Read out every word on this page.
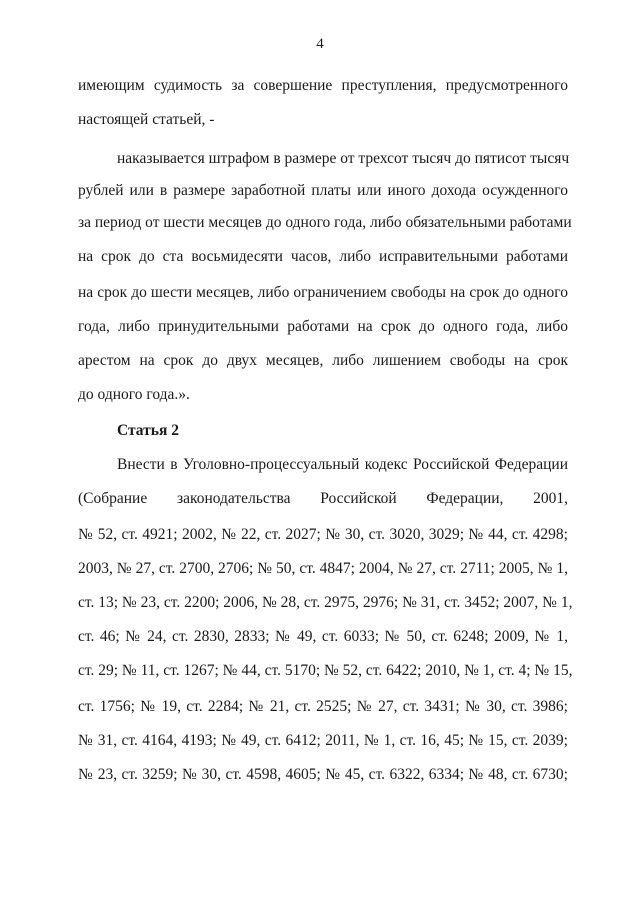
4
имеющим судимость за совершение преступления, предусмотренного
настоящей статьей, -
наказывается штрафом в размере от трехсот тысяч до пятисот тысяч
рублей или в размере заработной платы или иного дохода осужденного
за период от шести месяцев до одного года, либо обязательными работами
на срок до ста восьмидесяти часов, либо исправительными работами
на срок до шести месяцев, либо ограничением свободы на срок до одного
года, либо принудительными работами на срок до одного года, либо
арестом на срок до двух месяцев, либо лишением свободы на срок
до одного года.».
Статья 2
Внести в Уголовно-процессуальный кодекс Российской Федерации
(Собрание законодательства Российской Федерации, 2001,
№ 52, ст. 4921; 2002, № 22, ст. 2027; № 30, ст. 3020, 3029; № 44, ст. 4298;
2003, № 27, ст. 2700, 2706; № 50, ст. 4847; 2004, № 27, ст. 2711; 2005, № 1,
ст. 13; № 23, ст. 2200; 2006, № 28, ст. 2975, 2976; № 31, ст. 3452; 2007, № 1,
ст. 46; № 24, ст. 2830, 2833; № 49, ст. 6033; № 50, ст. 6248; 2009, № 1,
ст. 29; № 11, ст. 1267; № 44, ст. 5170; № 52, ст. 6422; 2010, № 1, ст. 4; № 15,
ст. 1756; № 19, ст. 2284; № 21, ст. 2525; № 27, ст. 3431; № 30, ст. 3986;
№ 31, ст. 4164, 4193; № 49, ст. 6412; 2011, № 1, ст. 16, 45; № 15, ст. 2039;
№ 23, ст. 3259; № 30, ст. 4598, 4605; № 45, ст. 6322, 6334; № 48, ст. 6730;
